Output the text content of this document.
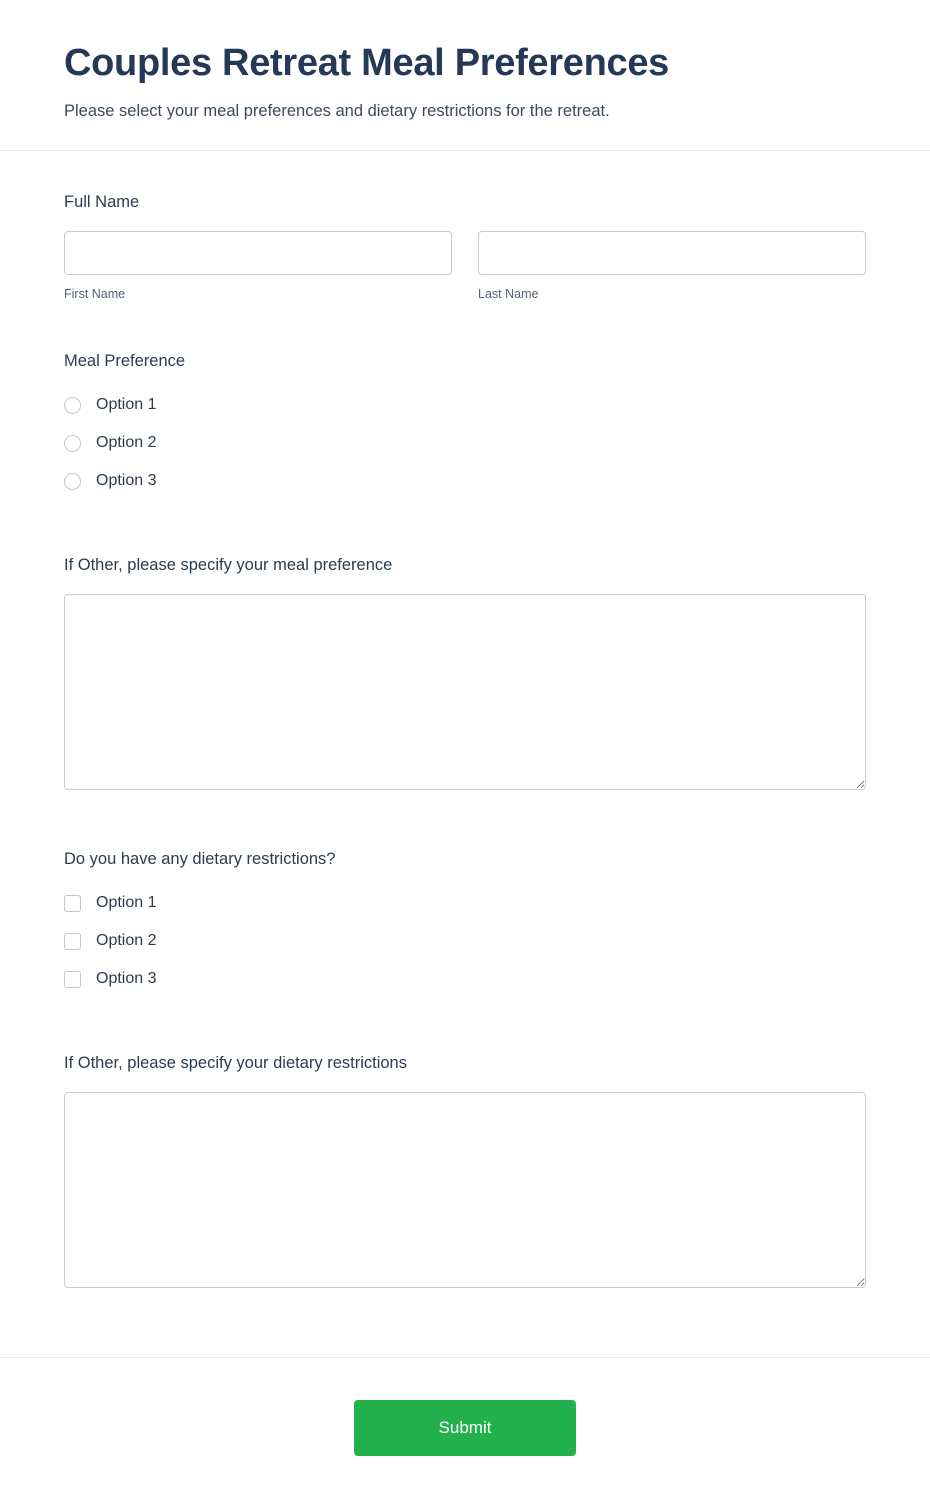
Couples Retreat Meal Preferences

Please select your meal preferences and dietary restrictions for the retreat.

Full Name
First Name	Last Name
Meal Preference
Option 1
Option 2
Option 3
If Other, please specify your meal preference
Do you have any dietary restrictions?
Option 1
Option 2
Option 3
If Other, please specify your dietary restrictions
Submit
